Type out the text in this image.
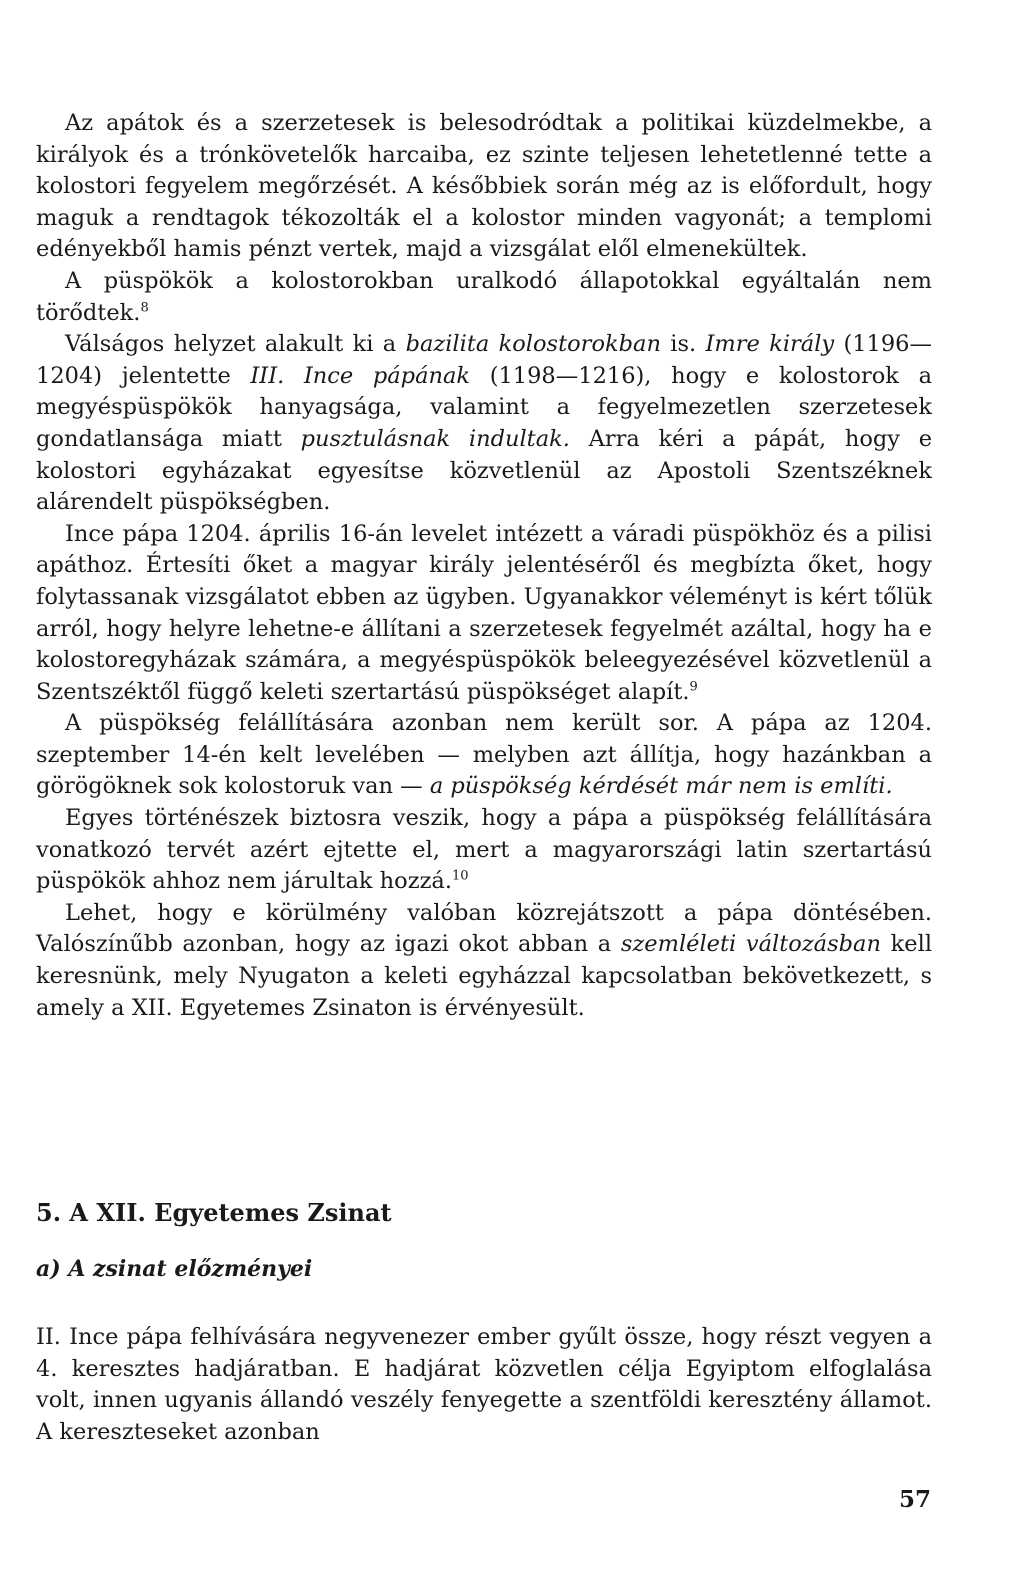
Az apátok és a szerzetesek is belesodródtak a politikai küzdelmekbe, a királyok és a trónkövetelők harcaiba, ez szinte teljesen lehetetlenné tette a kolostori fegyelem megőrzését. A későbbiek során még az is előfordult, hogy maguk a rendtagok tékozolták el a kolostor minden vagyonát; a templomi edényekből hamis pénzt vertek, majd a vizsgálat elől elmenekültek.

A püspökök a kolostorokban uralkodó állapotokkal egyáltalán nem törődtek.$^8$

Válságos helyzet alakult ki a bazilita kolostorokban is. Imre király (1196—1204) jelentette III. Ince pápának (1198—1216), hogy e kolostorok a megyéspüspökök hanyagsága, valamint a fegyelmezetlen szerzetesek gondatlansága miatt pusztulásnak indultak. Arra kéri a pápát, hogy e kolostori egyházakat egyesítse közvetlenül az Apostoli Szentszéknek alárendelt püspökségben.

Ince pápa 1204. április 16-án levelet intézett a váradi püspökhöz és a pilisi apáthoz. Értesíti őket a magyar király jelentéséről és megbízta őket, hogy folytassanak vizsgálatot ebben az ügyben. Ugyanakkor véleményt is kért tőlük arról, hogy helyre lehetne-e állítani a szerzetesek fegyelmét azáltal, hogy ha e kolostoregyházak számára, a megyéspüspökök beleegyezésével közvetlenül a Szentszéktől függő keleti szertartású püspökséget alapít.$^9$

A püspökség felállítására azonban nem került sor. A pápa az 1204. szeptember 14-én kelt levelében — melyben azt állítja, hogy hazánkban a görögöknek sok kolostoruk van — a püspökség kérdését már nem is említi.

Egyes történészek biztosra veszik, hogy a pápa a püspökség felállítására vonatkozó tervét azért ejtette el, mert a magyarországi latin szertartású püspökök ahhoz nem járultak hozzá.$^{10}$

Lehet, hogy e körülmény valóban közrejátszott a pápa döntésében. Valószínűbb azonban, hogy az igazi okot abban a szemléleti változásban kell keresnünk, mely Nyugaton a keleti egyházzal kapcsolatban bekövetkezett, s amely a XII. Egyetemes Zsinaton is érvényesült.

5. A XII. Egyetemes Zsinat
a) A zsinat előzményei

II. Ince pápa felhívására negyvenezer ember gyűlt össze, hogy részt vegyen a 4. keresztes hadjáratban. E hadjárat közvetlen célja Egyiptom elfoglalása volt, innen ugyanis állandó veszély fenyegette a szentföldi keresztény államot. A kereszteseket azonban

57
